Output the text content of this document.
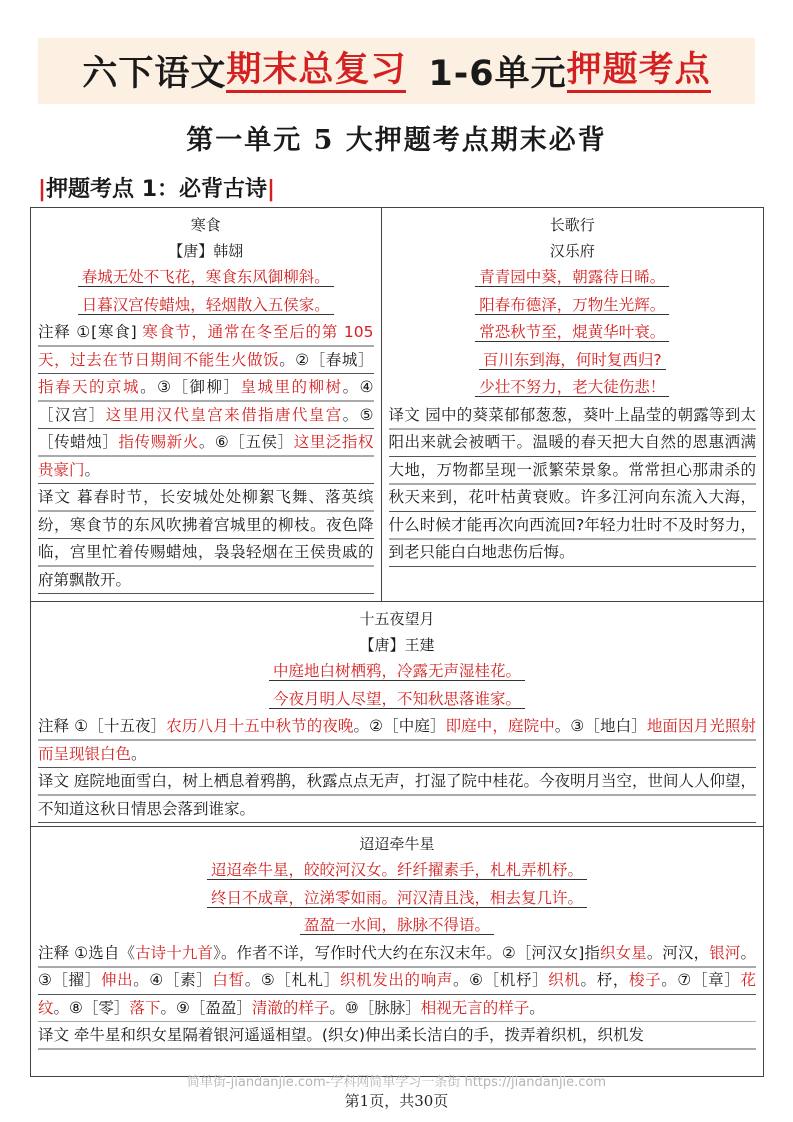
六下语文 期末总复习 1-6单元 押题考点
第一单元 5 大押题考点期末必背
|押题考点 1：必背古诗|
寒食
【唐】韩翃
春城无处不飞花，寒食东风御柳斜。
日暮汉宫传蜡烛，轻烟散入五侯家。

注释 ①[寒食] 寒食节，通常在冬至后的第 105 天，过去在节日期间不能生火做饭。②［春城］指春天的京城。③［御柳］皇城里的柳树。④［汉宫］这里用汉代皇宫来借指唐代皇宫。⑤［传蜡烛］指传赐新火。⑥［五侯］这里泛指权贵豪门。

译文 暮春时节，长安城处处柳絮飞舞、落英缤纷，寒食节的东风吹拂着宫城里的柳枝。夜色降临，宫里忙着传赐蜡烛，袅袅轻烟在王侯贵戚的府第飘散开。

长歌行
汉乐府
青青园中葵，朝露待日晞。
阳春布德泽，万物生光辉。
常恐秋节至，焜黄华叶衰。
百川东到海，何时复西归?
少壮不努力，老大徒伤悲！

译文 园中的葵菜郁郁葱葱，葵叶上晶莹的朝露等到太阳出来就会被晒干。温暖的春天把大自然的恩惠洒满大地，万物都呈现一派繁荣景象。常常担心那肃杀的秋天来到，花叶枯黄衰败。许多江河向东流入大海，什么时候才能再次向西流回?年轻力壮时不及时努力，到老只能白白地悲伤后悔。

十五夜望月
【唐】王建
中庭地白树栖鸦，冷露无声湿桂花。
今夜月明人尽望，不知秋思落谁家。

注释 ①［十五夜］农历八月十五中秋节的夜晚。②［中庭］即庭中，庭院中。③［地白］地面因月光照射而呈现银白色。

译文 庭院地面雪白，树上栖息着鸦鹊，秋露点点无声，打湿了院中桂花。今夜明月当空，世间人人仰望，不知道这秋日情思会落到谁家。

迢迢牵牛星
迢迢牵牛星，皎皎河汉女。纤纤擢素手，札札弄机杼。
终日不成章，泣涕零如雨。河汉清且浅，相去复几许。
盈盈一水间，脉脉不得语。

注释 ①选自《古诗十九首》。作者不详，写作时代大约在东汉末年。②［河汉女]指织女星。河汉，银河。③［擢］伸出。④［素］白皙。⑤［札札］织机发出的响声。⑥［机杼］织机。杼，梭子。⑦［章］花纹。⑧［零］落下。⑨［盈盈］清澈的样子。⑩［脉脉］相视无言的样子。

译文 牵牛星和织女星隔着银河遥遥相望。(织女)伸出柔长洁白的手，拨弄着织机，织机发

简单街-jiandanjie.com-学科网简单学习一条街 https://jiandanjie.com
第1页，共30页
